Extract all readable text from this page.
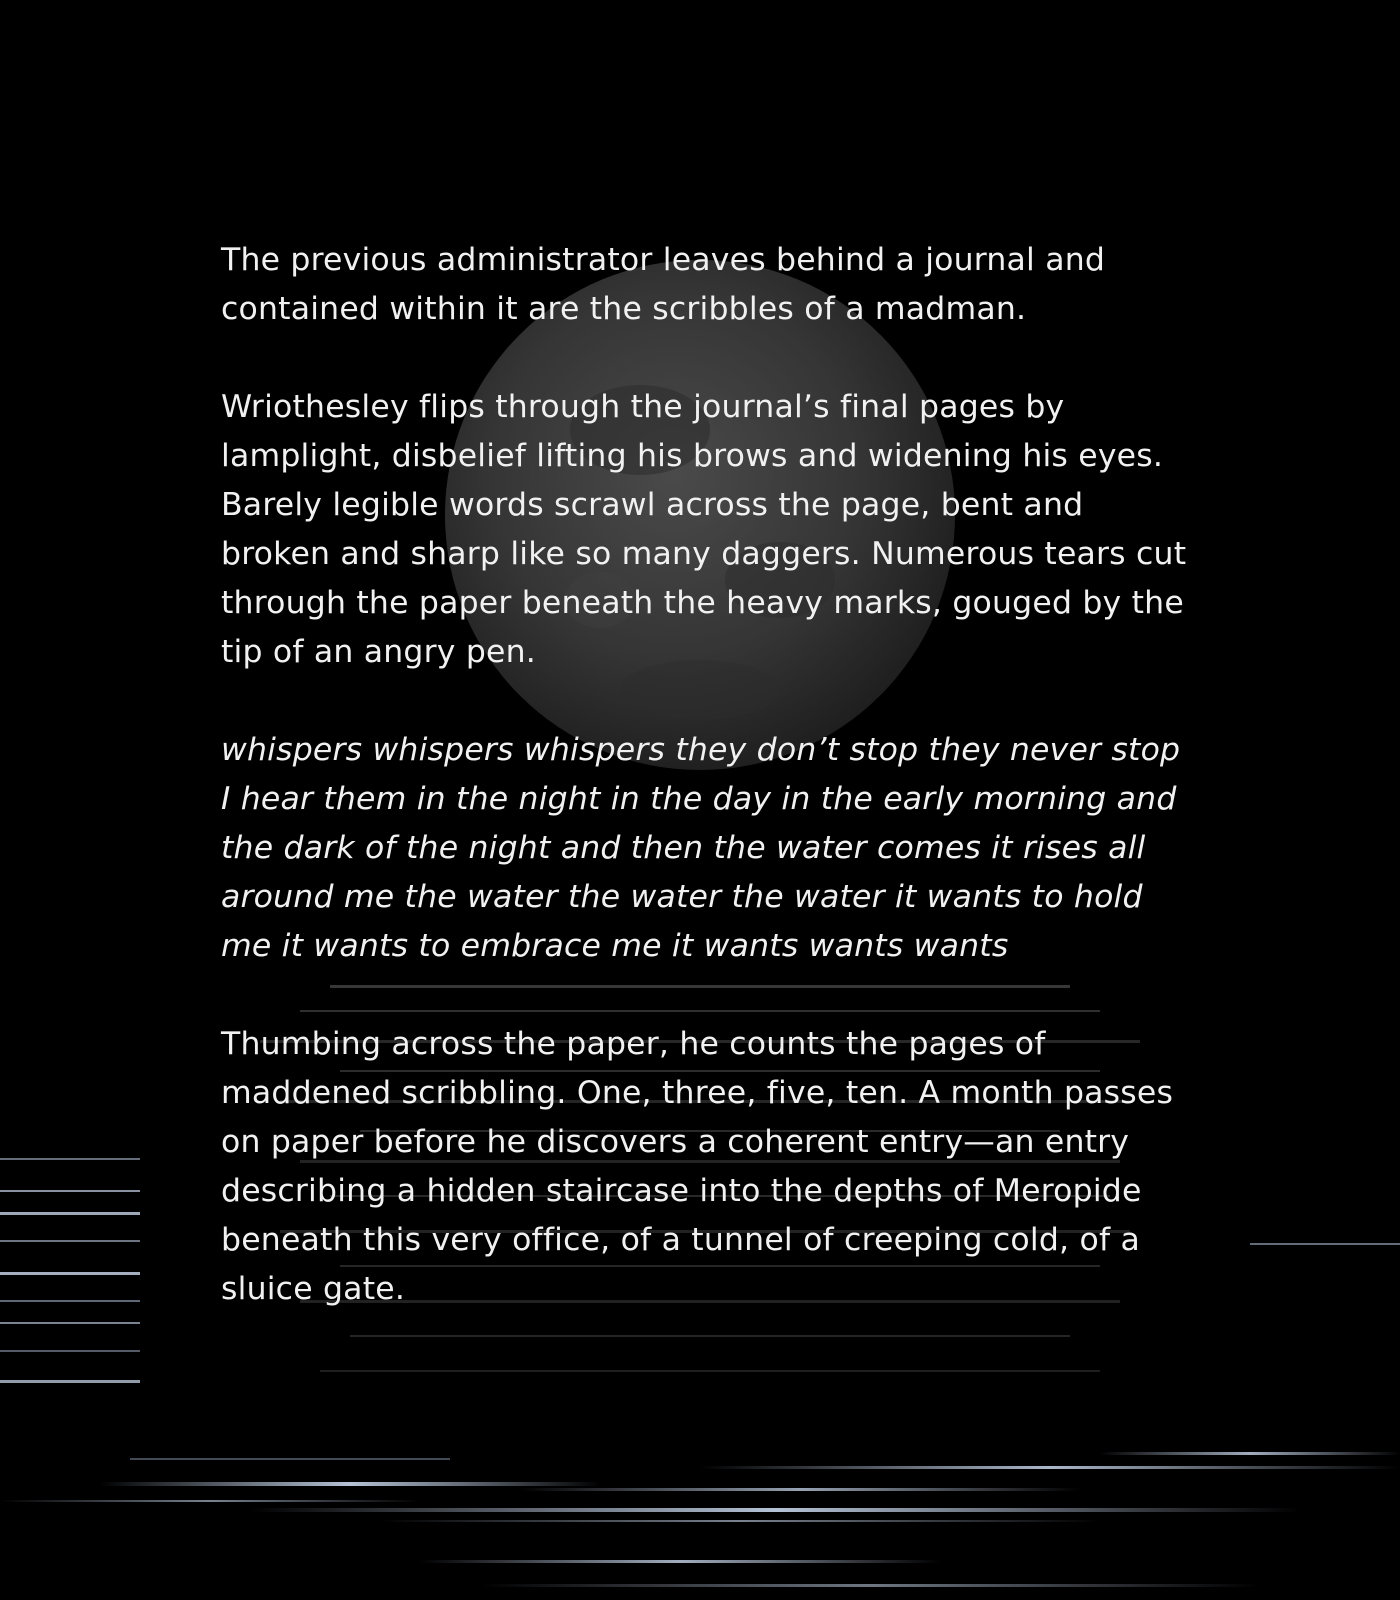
The previous administrator leaves behind a journal and contained within it are the scribbles of a madman.

Wriothesley flips through the journal’s final pages by lamplight, disbelief lifting his brows and widening his eyes. Barely legible words scrawl across the page, bent and broken and sharp like so many daggers. Numerous tears cut through the paper beneath the heavy marks, gouged by the tip of an angry pen.

whispers whispers whispers they don’t stop they never stop I hear them in the night in the day in the early morning and the dark of the night and then the water comes it rises all around me the water the water the water it wants to hold me it wants to embrace me it wants wants wants

Thumbing across the paper, he counts the pages of maddened scribbling. One, three, five, ten. A month passes on paper before he discovers a coherent entry—an entry describing a hidden staircase into the depths of Meropide beneath this very office, of a tunnel of creeping cold, of a sluice gate.
